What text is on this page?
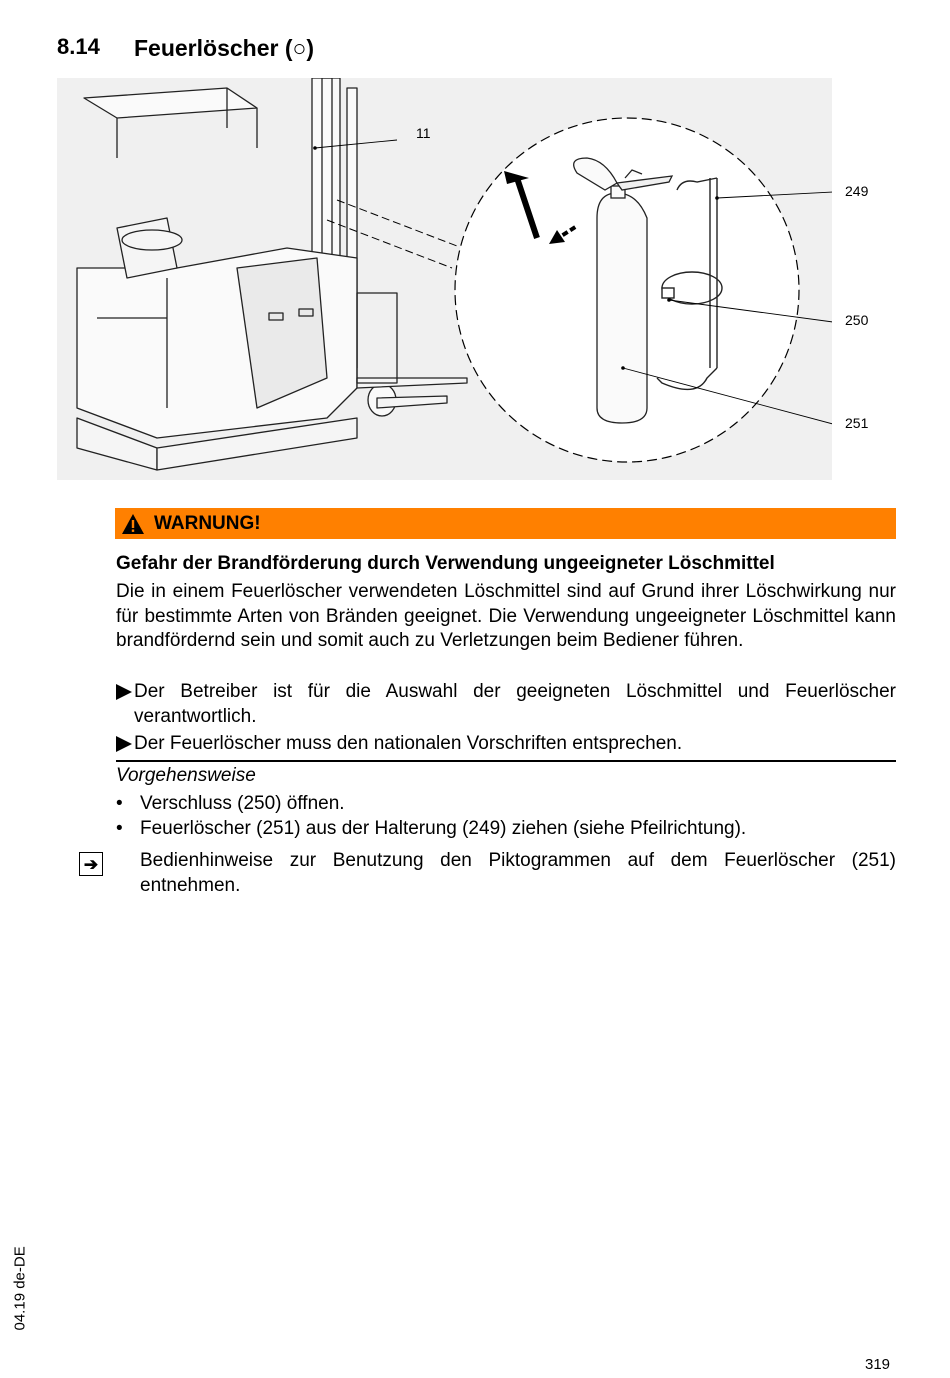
8.14 Feuerlöscher (○)
11
249
250
251
WARNUNG!
Gefahr der Brandförderung durch Verwendung ungeeigneter Löschmittel
Die in einem Feuerlöscher verwendeten Löschmittel sind auf Grund ihrer Löschwirkung nur für bestimmte Arten von Bränden geeignet. Die Verwendung ungeeigneter Löschmittel kann brandfördernd sein und somit auch zu Verletzungen beim Bediener führen.
Der Betreiber ist für die Auswahl der geeigneten Löschmittel und Feuerlöscher verantwortlich.
Der Feuerlöscher muss den nationalen Vorschriften entsprechen.
Vorgehensweise
• Verschluss (250) öffnen.
• Feuerlöscher (251) aus der Halterung (249) ziehen (siehe Pfeilrichtung).
➔ Bedienhinweise zur Benutzung den Piktogrammen auf dem Feuerlöscher (251) entnehmen.
04.19 de-DE
319
